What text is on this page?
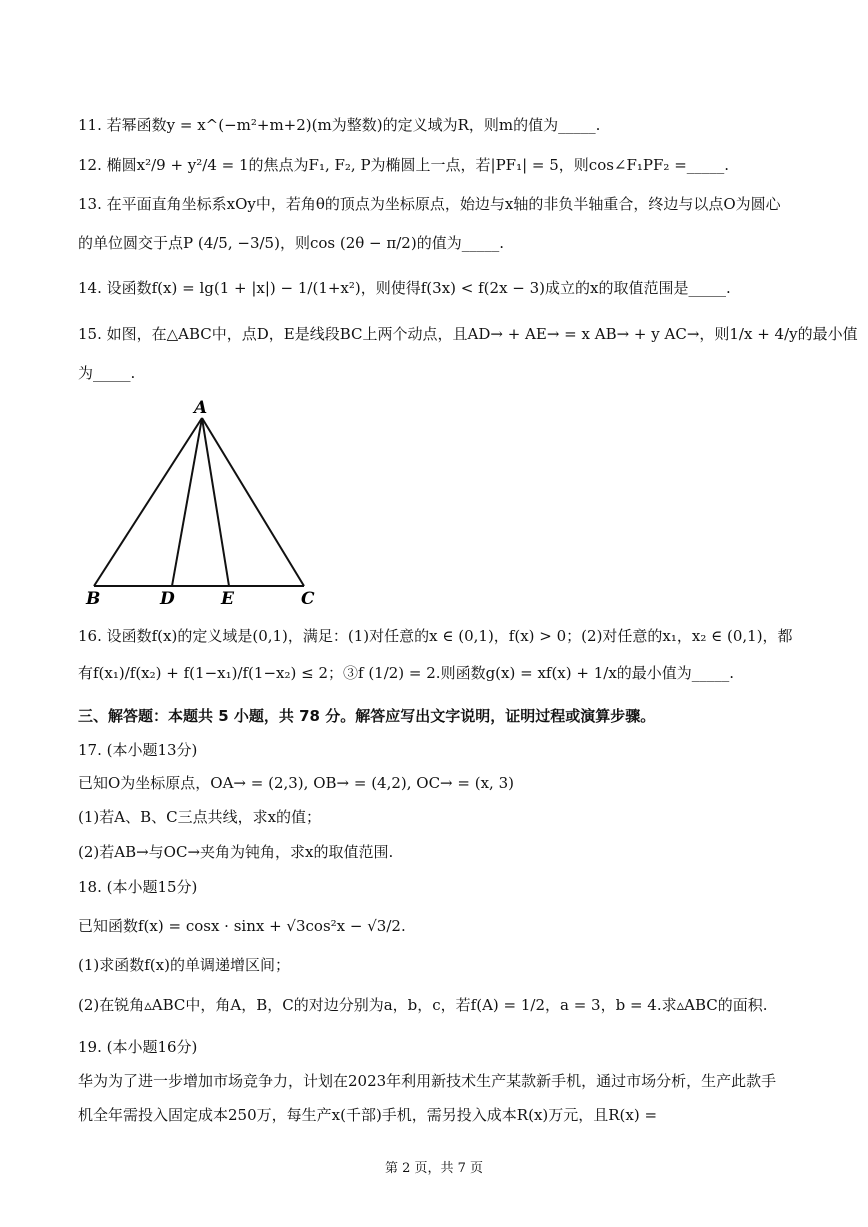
11. 若幂函数y = x^(−m²+m+2)(m为整数)的定义域为R，则m的值为_____.
12. 椭圆x²/9 + y²/4 = 1的焦点为F₁, F₂, P为椭圆上一点，若|PF₁| = 5，则cos∠F₁PF₂ =_____.
13. 在平面直角坐标系xOy中，若角θ的顶点为坐标原点，始边与x轴的非负半轴重合，终边与以点O为圆心
的单位圆交于点P (4/5, −3/5)，则cos (2θ − π/2)的值为_____.
14. 设函数f(x) = lg(1 + |x|) − 1/(1+x²)，则使得f(3x) < f(2x − 3)成立的x的取值范围是_____.
15. 如图，在△ABC中，点D，E是线段BC上两个动点，且AD→ + AE→ = x AB→ + y AC→，则1/x + 4/y的最小值
为_____.
A
B	D	E	C
16. 设函数f(x)的定义域是(0,1)，满足：(1)对任意的x ∈ (0,1)，f(x) > 0；(2)对任意的x₁，x₂ ∈ (0,1)，都
有f(x₁)/f(x₂) + f(1−x₁)/f(1−x₂) ≤ 2；③f (1/2) = 2.则函数g(x) = xf(x) + 1/x的最小值为_____.
三、解答题：本题共 5 小题，共 78 分。解答应写出文字说明，证明过程或演算步骤。
17. (本小题13分)
已知O为坐标原点，OA→ = (2,3), OB→ = (4,2), OC→ = (x, 3)
(1)若A、B、C三点共线，求x的值；
(2)若AB→与OC→夹角为钝角，求x的取值范围.
18. (本小题15分)
已知函数f(x) = cosx · sinx + √3cos²x − √3/2.
(1)求函数f(x)的单调递增区间；
(2)在锐角▵ABC中，角A，B，C的对边分别为a，b，c，若f(A) = 1/2，a = 3，b = 4.求▵ABC的面积.
19. (本小题16分)
华为为了进一步增加市场竞争力，计划在2023年利用新技术生产某款新手机，通过市场分析，生产此款手
机全年需投入固定成本250万，每生产x(千部)手机，需另投入成本R(x)万元，且R(x) =
第 2 页，共 7 页
